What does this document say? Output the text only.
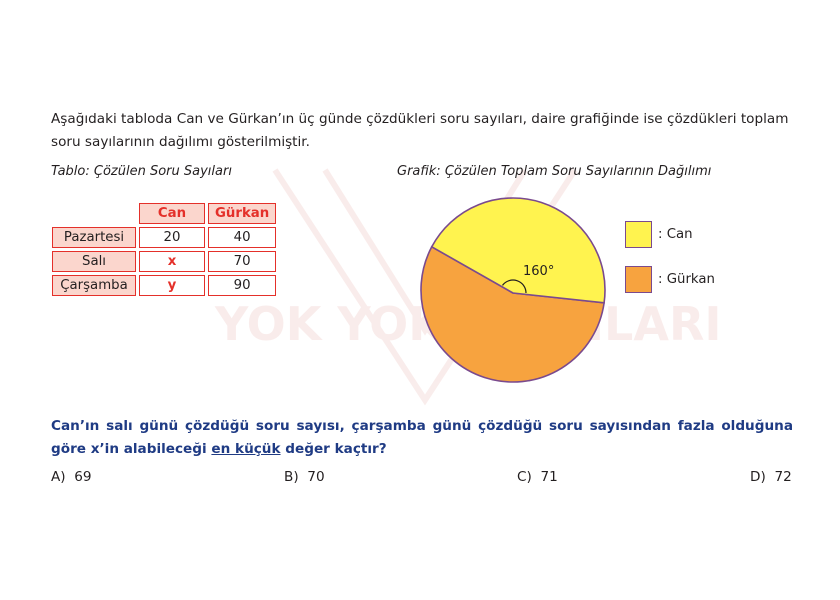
YOK YOK

Aşağıdaki tabloda Can ve Gürkan’ın üç günde çözdükleri soru sayıları, daire grafiğinde ise çözdükleri toplam soru sayılarının dağılımı gösterilmiştir.

Tablo: Çözülen Soru Sayıları	Grafik: Çözülen Toplam Soru Sayılarının Dağılımı

	Can	Gürkan
Pazartesi	20	40
Salı	x	70
Çarşamba	y	90
160°
: Can
: Gürkan

Can’ın salı günü çözdüğü soru sayısı, çarşamba günü çözdüğü soru sayısından fazla olduğuna göre x’in alabileceği en küçük değer kaçtır?

A) 69	B) 70	C) 71	D) 72
